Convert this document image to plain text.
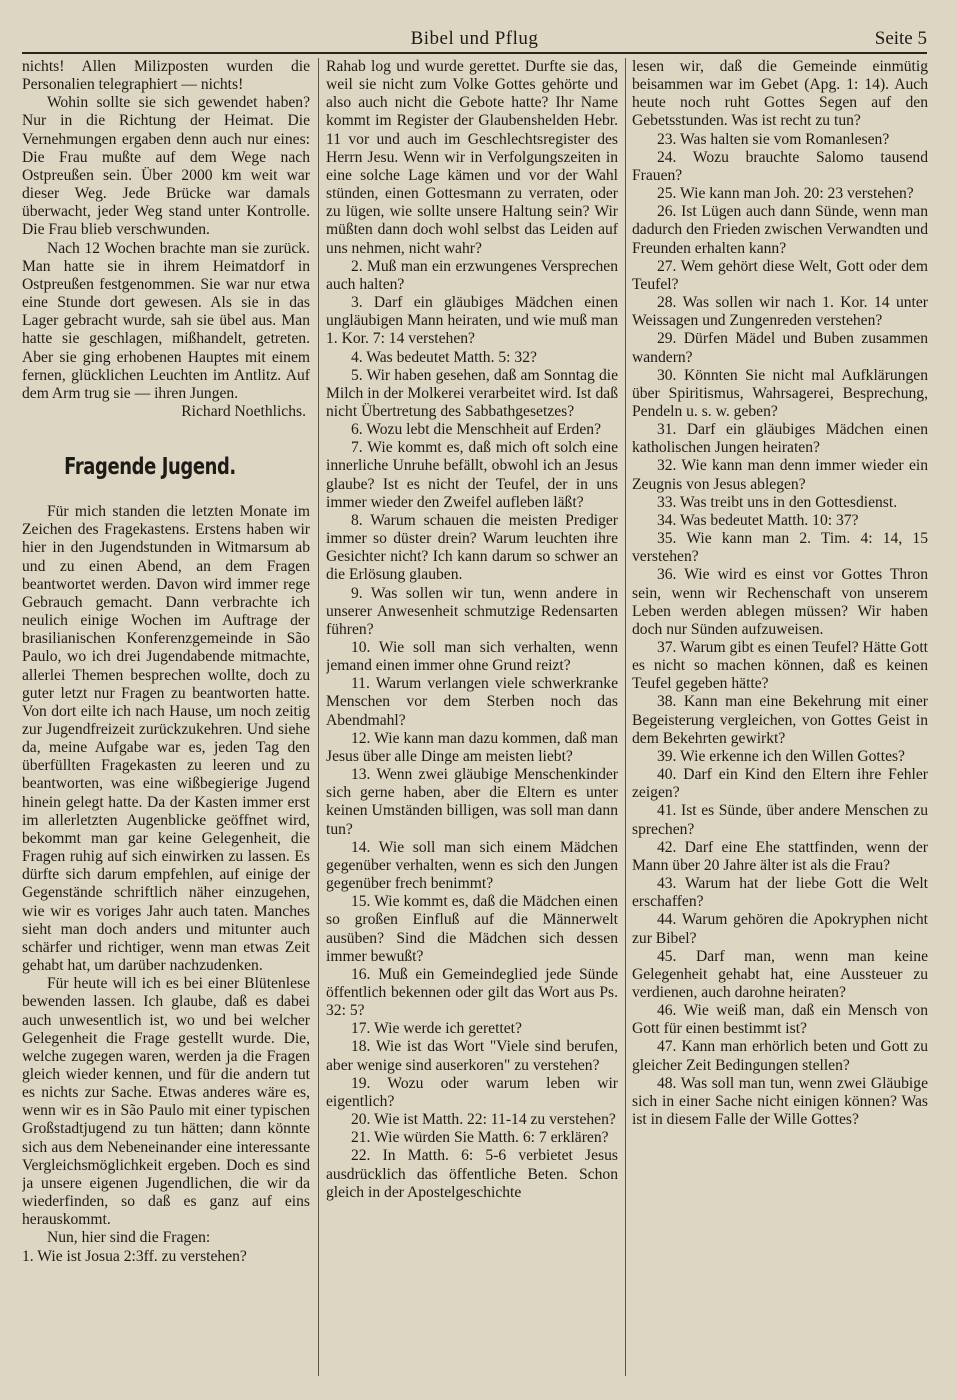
Bibel und Pflug	Seite 5

nichts! Allen Milizposten wurden die Personalien telegraphiert — nichts!

Wohin sollte sie sich gewendet haben? Nur in die Richtung der Heimat. Die Vernehmungen ergaben denn auch nur eines: Die Frau mußte auf dem Wege nach Ostpreußen sein. Über 2000 km weit war dieser Weg. Jede Brücke war damals überwacht, jeder Weg stand unter Kontrolle. Die Frau blieb verschwunden.

Nach 12 Wochen brachte man sie zurück. Man hatte sie in ihrem Heimatdorf in Ostpreußen festgenommen. Sie war nur etwa eine Stunde dort gewesen. Als sie in das Lager gebracht wurde, sah sie übel aus. Man hatte sie geschlagen, mißhandelt, getreten. Aber sie ging erhobenen Hauptes mit einem fernen, glücklichen Leuchten im Antlitz. Auf dem Arm trug sie — ihren Jungen.

Richard Noethlichs.

Fragende Jugend.

Für mich standen die letzten Monate im Zeichen des Fragekastens. Erstens haben wir hier in den Jugendstunden in Witmarsum ab und zu einen Abend, an dem Fragen beantwortet werden. Davon wird immer rege Gebrauch gemacht. Dann verbrachte ich neulich einige Wochen im Auftrage der brasilianischen Konferenzgemeinde in São Paulo, wo ich drei Jugendabende mitmachte, allerlei Themen besprechen wollte, doch zu guter letzt nur Fragen zu beantworten hatte. Von dort eilte ich nach Hause, um noch zeitig zur Jugendfreizeit zurückzukehren. Und siehe da, meine Aufgabe war es, jeden Tag den überfüllten Fragekasten zu leeren und zu beantworten, was eine wißbegierige Jugend hinein gelegt hatte. Da der Kasten immer erst im allerletzten Augenblicke geöffnet wird, bekommt man gar keine Gelegenheit, die Fragen ruhig auf sich einwirken zu lassen. Es dürfte sich darum empfehlen, auf einige der Gegenstände schriftlich näher einzugehen, wie wir es voriges Jahr auch taten. Manches sieht man doch anders und mitunter auch schärfer und richtiger, wenn man etwas Zeit gehabt hat, um darüber nachzudenken.

Für heute will ich es bei einer Blütenlese bewenden lassen. Ich glaube, daß es dabei auch unwesentlich ist, wo und bei welcher Gelegenheit die Frage gestellt wurde. Die, welche zugegen waren, werden ja die Fragen gleich wieder kennen, und für die andern tut es nichts zur Sache. Etwas anderes wäre es, wenn wir es in São Paulo mit einer typischen Großstadtjugend zu tun hätten; dann könnte sich aus dem Nebeneinander eine interessante Vergleichsmöglichkeit ergeben. Doch es sind ja unsere eigenen Jugendlichen, die wir da wiederfinden, so daß es ganz auf eins herauskommt.

Nun, hier sind die Fragen:

1. Wie ist Josua 2:3ff. zu verstehen?

Rahab log und wurde gerettet. Durfte sie das, weil sie nicht zum Volke Gottes gehörte und also auch nicht die Gebote hatte? Ihr Name kommt im Register der Glaubenshelden Hebr. 11 vor und auch im Geschlechtsregister des Herrn Jesu. Wenn wir in Verfolgungszeiten in eine solche Lage kämen und vor der Wahl stünden, einen Gottesmann zu verraten, oder zu lügen, wie sollte unsere Haltung sein? Wir müßten dann doch wohl selbst das Leiden auf uns nehmen, nicht wahr?

2. Muß man ein erzwungenes Versprechen auch halten?

3. Darf ein gläubiges Mädchen einen ungläubigen Mann heiraten, und wie muß man 1. Kor. 7: 14 verstehen?

4. Was bedeutet Matth. 5: 32?

5. Wir haben gesehen, daß am Sonntag die Milch in der Molkerei verarbeitet wird. Ist daß nicht Übertretung des Sabbathgesetzes?

6. Wozu lebt die Menschheit auf Erden?

7. Wie kommt es, daß mich oft solch eine innerliche Unruhe befällt, obwohl ich an Jesus glaube? Ist es nicht der Teufel, der in uns immer wieder den Zweifel aufleben läßt?

8. Warum schauen die meisten Prediger immer so düster drein? Warum leuchten ihre Gesichter nicht? Ich kann darum so schwer an die Erlösung glauben.

9. Was sollen wir tun, wenn andere in unserer Anwesenheit schmutzige Redensarten führen?

10. Wie soll man sich verhalten, wenn jemand einen immer ohne Grund reizt?

11. Warum verlangen viele schwerkranke Menschen vor dem Sterben noch das Abendmahl?

12. Wie kann man dazu kommen, daß man Jesus über alle Dinge am meisten liebt?

13. Wenn zwei gläubige Menschenkinder sich gerne haben, aber die Eltern es unter keinen Umständen billigen, was soll man dann tun?

14. Wie soll man sich einem Mädchen gegenüber verhalten, wenn es sich den Jungen gegenüber frech benimmt?

15. Wie kommt es, daß die Mädchen einen so großen Einfluß auf die Männerwelt ausüben? Sind die Mädchen sich dessen immer bewußt?

16. Muß ein Gemeindeglied jede Sünde öffentlich bekennen oder gilt das Wort aus Ps. 32: 5?

17. Wie werde ich gerettet?

18. Wie ist das Wort "Viele sind berufen, aber wenige sind auserkoren" zu verstehen?

19. Wozu oder warum leben wir eigentlich?

20. Wie ist Matth. 22: 11-14 zu verstehen?

21. Wie würden Sie Matth. 6: 7 erklären?

22. In Matth. 6: 5-6 verbietet Jesus ausdrücklich das öffentliche Beten. Schon gleich in der Apostelgeschichte

lesen wir, daß die Gemeinde einmütig beisammen war im Gebet (Apg. 1: 14). Auch heute noch ruht Gottes Segen auf den Gebetsstunden. Was ist recht zu tun?

23. Was halten sie vom Romanlesen?

24. Wozu brauchte Salomo tausend Frauen?

25. Wie kann man Joh. 20: 23 verstehen?

26. Ist Lügen auch dann Sünde, wenn man dadurch den Frieden zwischen Verwandten und Freunden erhalten kann?

27. Wem gehört diese Welt, Gott oder dem Teufel?

28. Was sollen wir nach 1. Kor. 14 unter Weissagen und Zungenreden verstehen?

29. Dürfen Mädel und Buben zusammen wandern?

30. Könnten Sie nicht mal Aufklärungen über Spiritismus, Wahrsagerei, Besprechung, Pendeln u. s. w. geben?

31. Darf ein gläubiges Mädchen einen katholischen Jungen heiraten?

32. Wie kann man denn immer wieder ein Zeugnis von Jesus ablegen?

33. Was treibt uns in den Gottesdienst.

34. Was bedeutet Matth. 10: 37?

35. Wie kann man 2. Tim. 4: 14, 15 verstehen?

36. Wie wird es einst vor Gottes Thron sein, wenn wir Rechenschaft von unserem Leben werden ablegen müssen? Wir haben doch nur Sünden aufzuweisen.

37. Warum gibt es einen Teufel? Hätte Gott es nicht so machen können, daß es keinen Teufel gegeben hätte?

38. Kann man eine Bekehrung mit einer Begeisterung vergleichen, von Gottes Geist in dem Bekehrten gewirkt?

39. Wie erkenne ich den Willen Gottes?

40. Darf ein Kind den Eltern ihre Fehler zeigen?

41. Ist es Sünde, über andere Menschen zu sprechen?

42. Darf eine Ehe stattfinden, wenn der Mann über 20 Jahre älter ist als die Frau?

43. Warum hat der liebe Gott die Welt erschaffen?

44. Warum gehören die Apokryphen nicht zur Bibel?

45. Darf man, wenn man keine Gelegenheit gehabt hat, eine Aussteuer zu verdienen, auch darohne heiraten?

46. Wie weiß man, daß ein Mensch von Gott für einen bestimmt ist?

47. Kann man erhörlich beten und Gott zu gleicher Zeit Bedingungen stellen?

48. Was soll man tun, wenn zwei Gläubige sich in einer Sache nicht einigen können? Was ist in diesem Falle der Wille Gottes?
